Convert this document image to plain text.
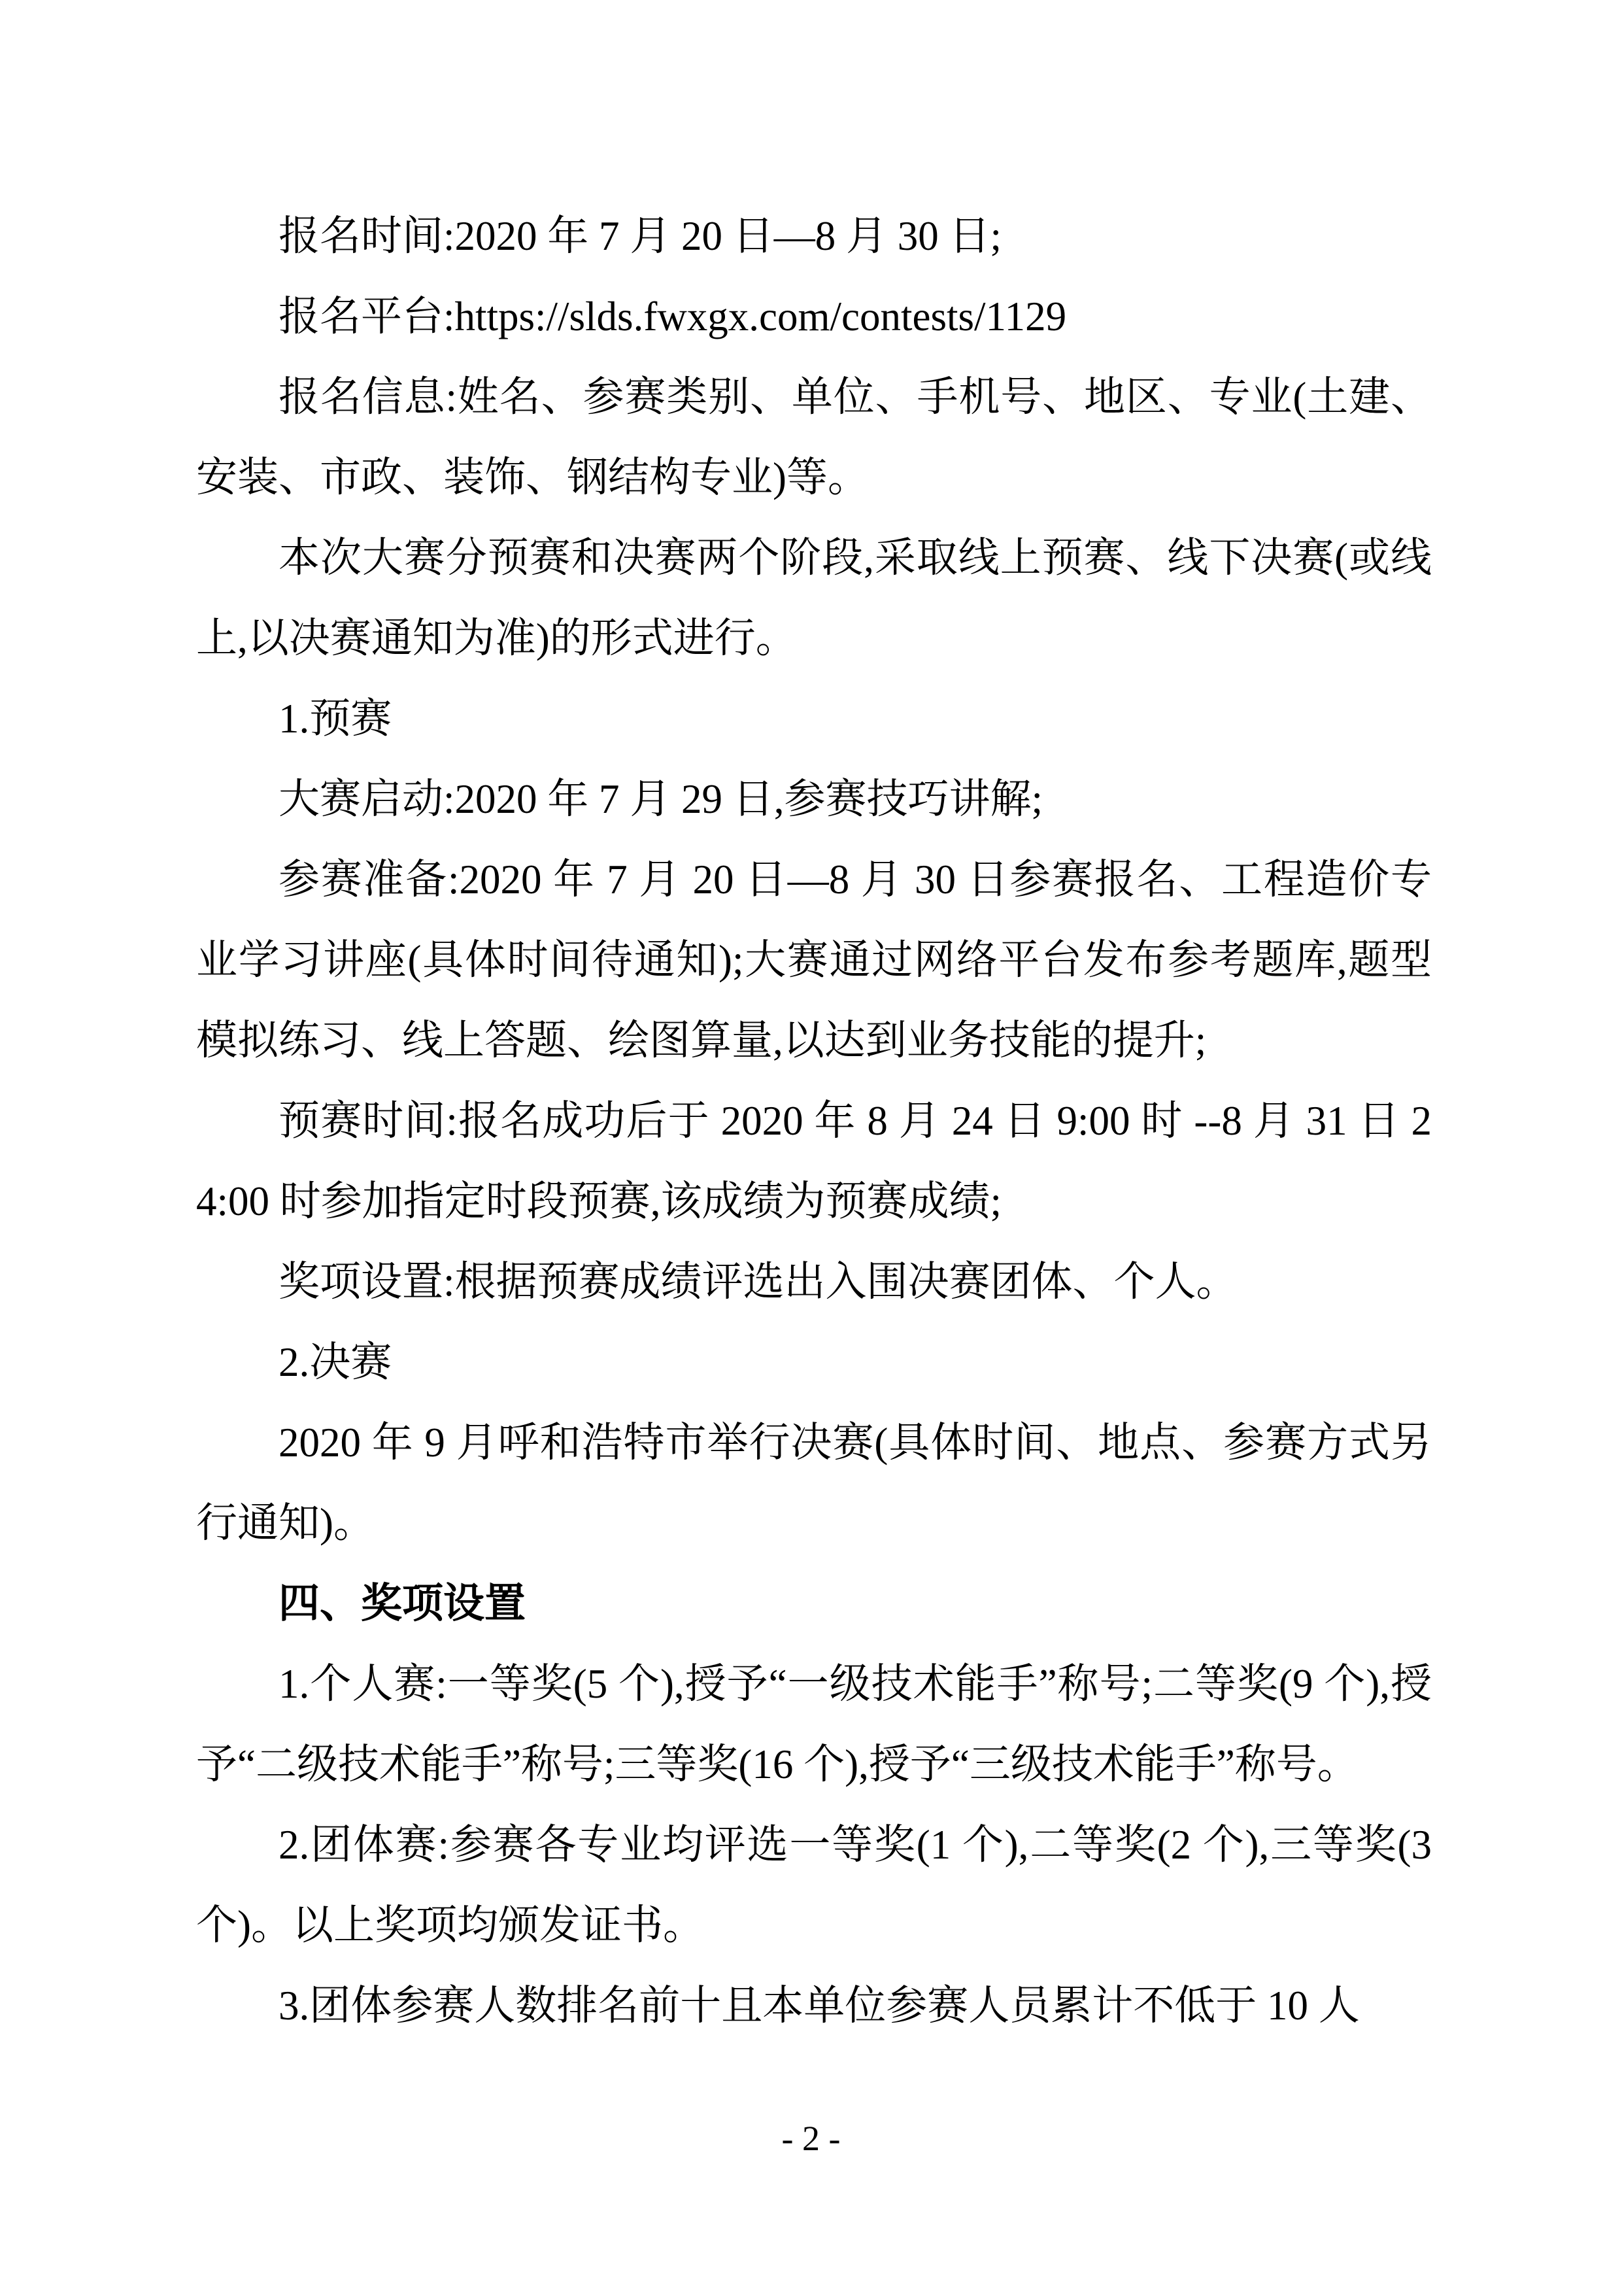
报名时间:2020 年 7 月 20 日—8 月 30 日;

报名平台:https://slds.fwxgx.com/contests/1129

报名信息:姓名、参赛类别、单位、手机号、地区、专业(土建、安装、市政、装饰、钢结构专业)等。

本次大赛分预赛和决赛两个阶段,采取线上预赛、线下决赛(或线上,以决赛通知为准)的形式进行。

1.预赛

大赛启动:2020 年 7 月 29 日,参赛技巧讲解;

参赛准备:2020 年 7 月 20 日—8 月 30 日参赛报名、工程造价专业学习讲座(具体时间待通知);大赛通过网络平台发布参考题库,题型模拟练习、线上答题、绘图算量,以达到业务技能的提升;

预赛时间:报名成功后于 2020 年 8 月 24 日 9:00 时 --8 月 31 日 24:00 时参加指定时段预赛,该成绩为预赛成绩;

奖项设置:根据预赛成绩评选出入围决赛团体、个人。

2.决赛

2020 年 9 月呼和浩特市举行决赛(具体时间、地点、参赛方式另行通知)。

四、奖项设置

1.个人赛:一等奖(5 个),授予“一级技术能手”称号;二等奖(9 个),授予“二级技术能手”称号;三等奖(16 个),授予“三级技术能手”称号。

2.团体赛:参赛各专业均评选一等奖(1 个),二等奖(2 个),三等奖(3 个)。以上奖项均颁发证书。

3.团体参赛人数排名前十且本单位参赛人员累计不低于 10 人

- 2 -
